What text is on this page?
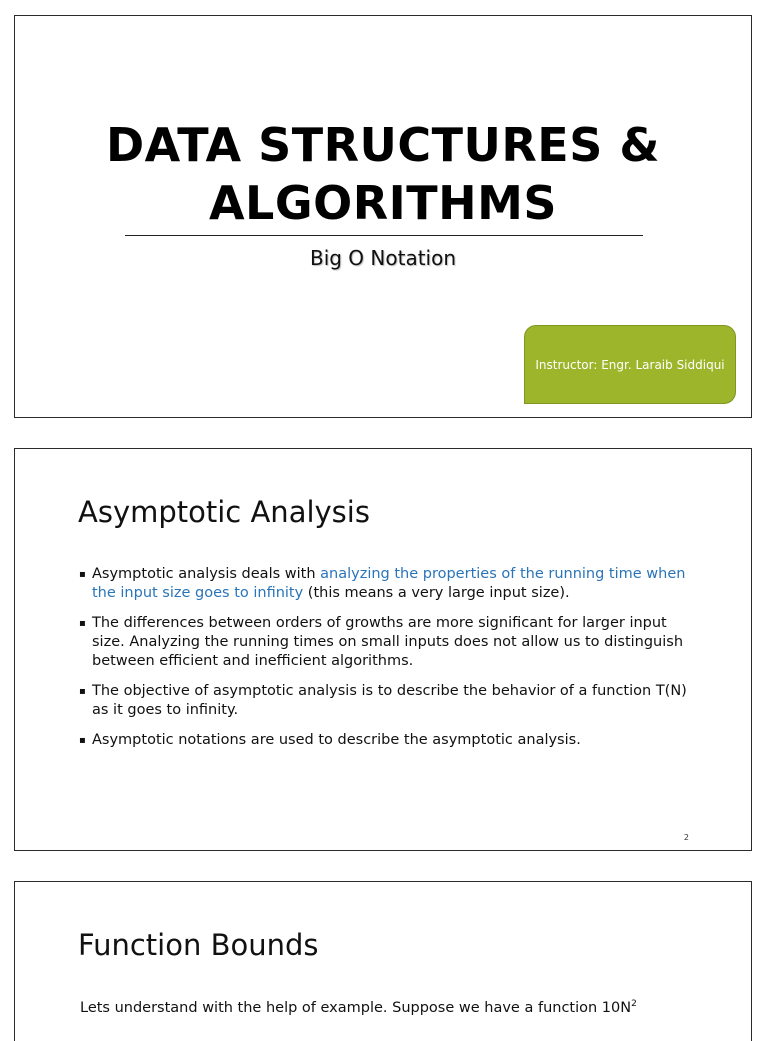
DATA STRUCTURES &
ALGORITHMS
Big O Notation
Instructor: Engr. Laraib Siddiqui
Asymptotic Analysis
▪ Asymptotic analysis deals with analyzing the properties of the running time when the input size goes to infinity (this means a very large input size).
▪ The differences between orders of growths are more significant for larger input size. Analyzing the running times on small inputs does not allow us to distinguish between efficient and inefficient algorithms.
▪ The objective of asymptotic analysis is to describe the behavior of a function T(N) as it goes to infinity.
▪ Asymptotic notations are used to describe the asymptotic analysis.
2
Function Bounds
Lets understand with the help of example. Suppose we have a function $10N^2$
